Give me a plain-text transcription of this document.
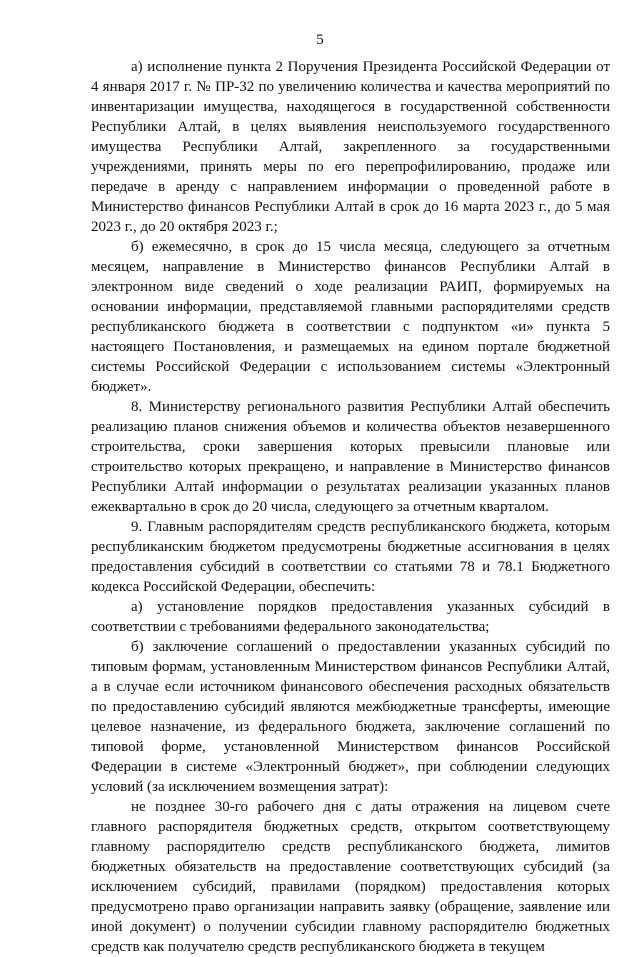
5

а) исполнение пункта 2 Поручения Президента Российской Федерации от 4 января 2017 г. № ПР-32 по увеличению количества и качества мероприятий по инвентаризации имущества, находящегося в государственной собственности Республики Алтай, в целях выявления неиспользуемого государственного имущества Республики Алтай, закрепленного за государственными учреждениями, принять меры по его перепрофилированию, продаже или передаче в аренду с направлением информации о проведенной работе в Министерство финансов Республики Алтай в срок до 16 марта 2023 г., до 5 мая 2023 г., до 20 октября 2023 г.;

б) ежемесячно, в срок до 15 числа месяца, следующего за отчетным месяцем, направление в Министерство финансов Республики Алтай в электронном виде сведений о ходе реализации РАИП, формируемых на основании информации, представляемой главными распорядителями средств республиканского бюджета в соответствии с подпунктом «и» пункта 5 настоящего Постановления, и размещаемых на едином портале бюджетной системы Российской Федерации с использованием системы «Электронный бюджет».

8. Министерству регионального развития Республики Алтай обеспечить реализацию планов снижения объемов и количества объектов незавершенного строительства, сроки завершения которых превысили плановые или строительство которых прекращено, и направление в Министерство финансов Республики Алтай информации о результатах реализации указанных планов ежеквартально в срок до 20 числа, следующего за отчетным кварталом.

9. Главным распорядителям средств республиканского бюджета, которым республиканским бюджетом предусмотрены бюджетные ассигнования в целях предоставления субсидий в соответствии со статьями 78 и 78.1 Бюджетного кодекса Российской Федерации, обеспечить:

а) установление порядков предоставления указанных субсидий в соответствии с требованиями федерального законодательства;

б) заключение соглашений о предоставлении указанных субсидий по типовым формам, установленным Министерством финансов Республики Алтай, а в случае если источником финансового обеспечения расходных обязательств по предоставлению субсидий являются межбюджетные трансферты, имеющие целевое назначение, из федерального бюджета, заключение соглашений по типовой форме, установленной Министерством финансов Российской Федерации в системе «Электронный бюджет», при соблюдении следующих условий (за исключением возмещения затрат):

не позднее 30-го рабочего дня с даты отражения на лицевом счете главного распорядителя бюджетных средств, открытом соответствующему главному распорядителю средств республиканского бюджета, лимитов бюджетных обязательств на предоставление соответствующих субсидий (за исключением субсидий, правилами (порядком) предоставления которых предусмотрено право организации направить заявку (обращение, заявление или иной документ) о получении субсидии главному распорядителю бюджетных средств как получателю средств республиканского бюджета в текущем
